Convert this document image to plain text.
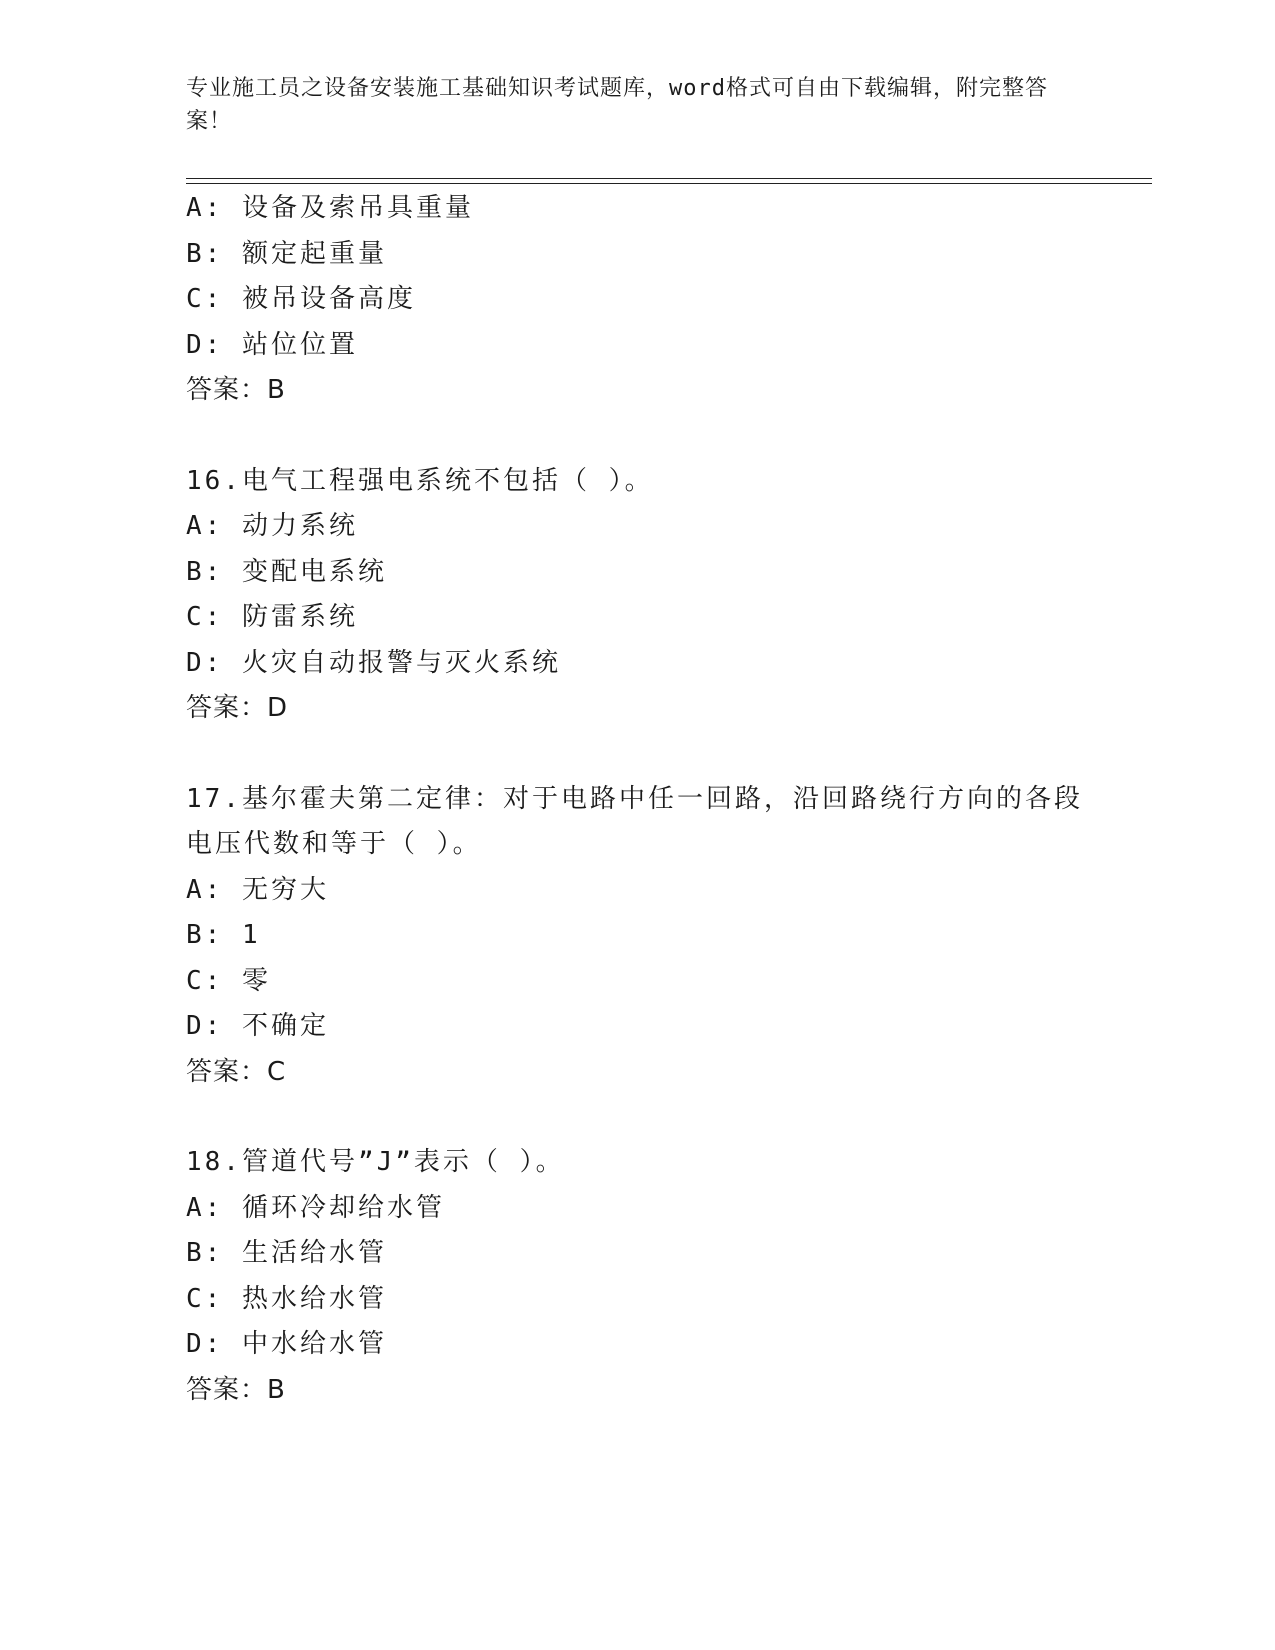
专业施工员之设备安装施工基础知识考试题库，word格式可自由下载编辑，附完整答案！
A: 设备及索吊具重量
B: 额定起重量
C: 被吊设备高度
D: 站位位置
答案：B
16.电气工程强电系统不包括（ ）。
A: 动力系统
B: 变配电系统
C: 防雷系统
D: 火灾自动报警与灭火系统
答案：D
17.基尔霍夫第二定律：对于电路中任一回路，沿回路绕行方向的各段
电压代数和等于（ ）。
A: 无穷大
B: 1
C: 零
D: 不确定
答案：C
18.管道代号”J”表示（ ）。
A: 循环冷却给水管
B: 生活给水管
C: 热水给水管
D: 中水给水管
答案：B
